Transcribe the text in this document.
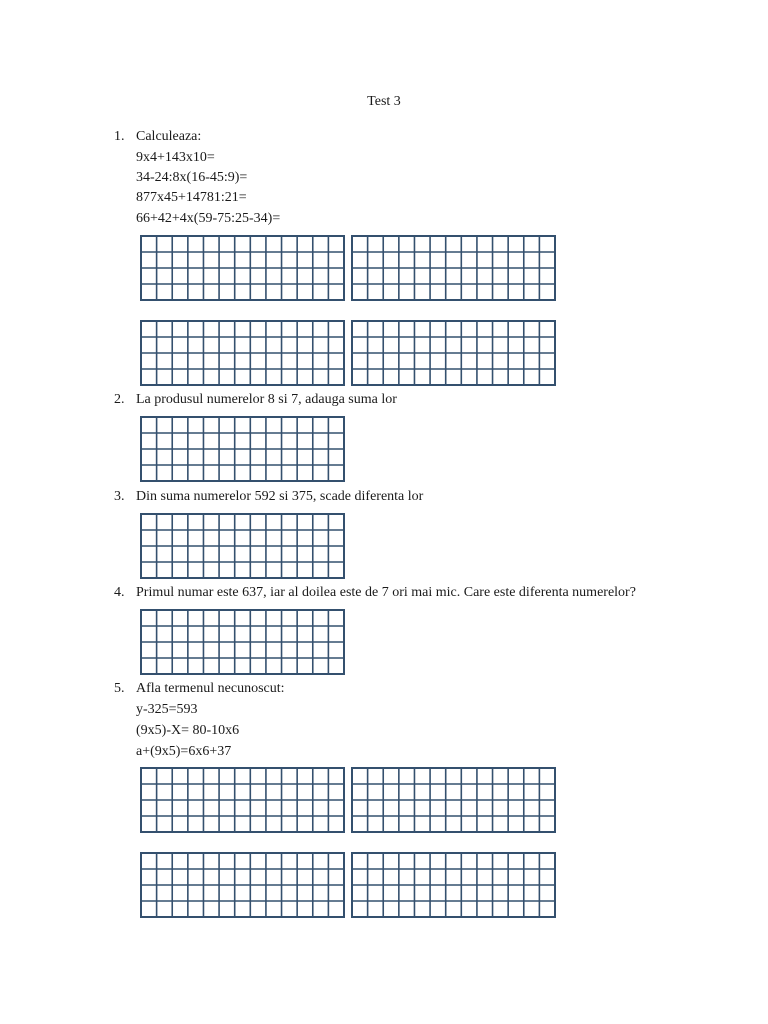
Test 3
1. Calculeaza:
9x4+143x10=
34-24:8x(16-45:9)=
877x45+14781:21=
66+42+4x(59-75:25-34)=
2. La produsul numerelor 8 si 7, adauga suma lor
3. Din suma numerelor 592 si 375, scade diferenta lor
4. Primul numar este 637, iar al doilea este de 7 ori mai mic. Care este diferenta numerelor?
5. Afla termenul necunoscut:
y-325=593
(9x5)-X= 80-10x6
a+(9x5)=6x6+37
